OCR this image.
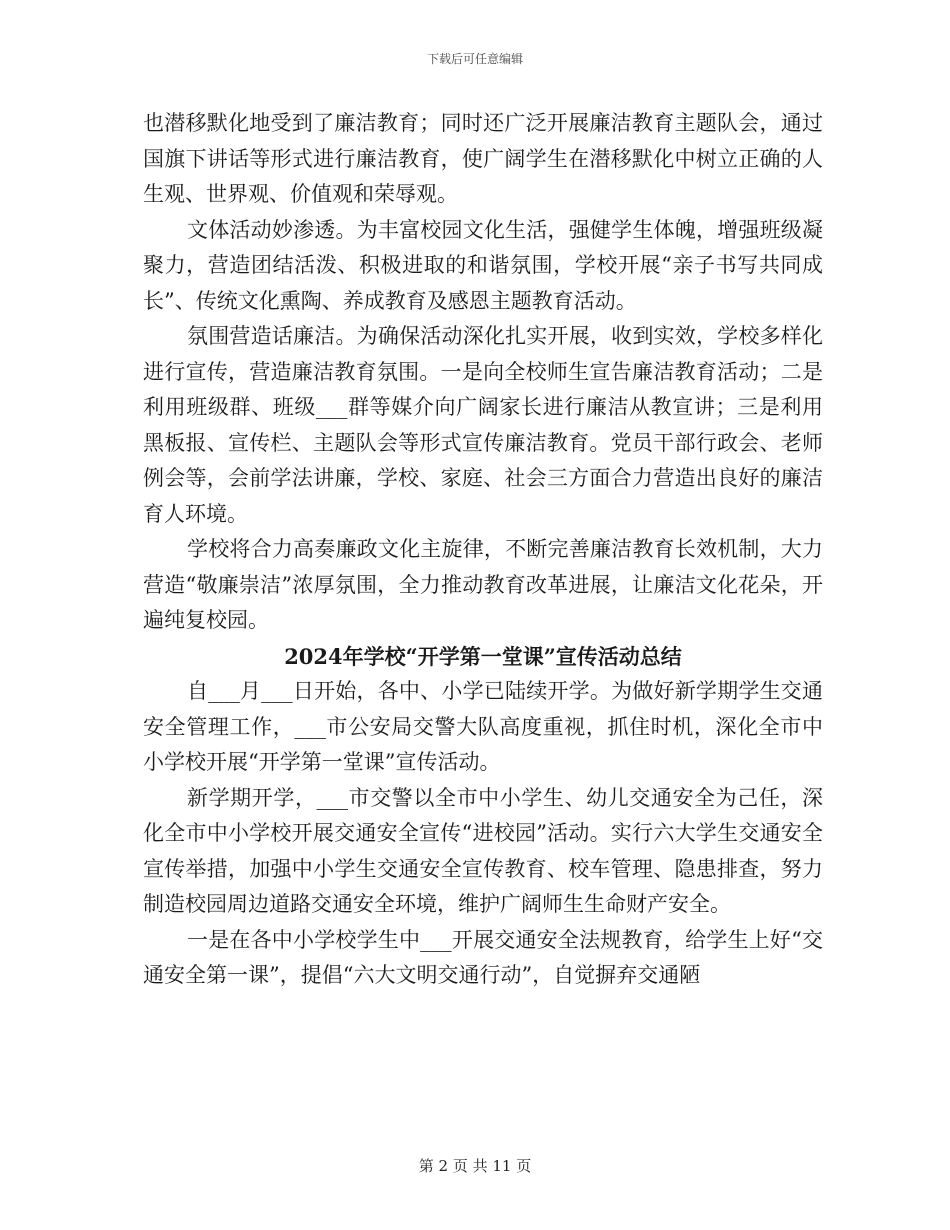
下载后可任意编辑

也潜移默化地受到了廉洁教育；同时还广泛开展廉洁教育主题队会，通过国旗下讲话等形式进行廉洁教育，使广阔学生在潜移默化中树立正确的人生观、世界观、价值观和荣辱观。

文体活动妙渗透。为丰富校园文化生活，强健学生体魄，增强班级凝聚力，营造团结活泼、积极进取的和谐氛围，学校开展“亲子书写共同成长”、传统文化熏陶、养成教育及感恩主题教育活动。

氛围营造话廉洁。为确保活动深化扎实开展，收到实效，学校多样化进行宣传，营造廉洁教育氛围。一是向全校师生宣告廉洁教育活动；二是利用班级群、班级___群等媒介向广阔家长进行廉洁从教宣讲；三是利用黑板报、宣传栏、主题队会等形式宣传廉洁教育。党员干部行政会、老师例会等，会前学法讲廉，学校、家庭、社会三方面合力营造出良好的廉洁育人环境。

学校将合力高奏廉政文化主旋律，不断完善廉洁教育长效机制，大力营造“敬廉崇洁”浓厚氛围，全力推动教育改革进展，让廉洁文化花朵，开遍纯复校园。

2024年学校“开学第一堂课”宣传活动总结

自___月___日开始，各中、小学已陆续开学。为做好新学期学生交通安全管理工作，___市公安局交警大队高度重视，抓住时机，深化全市中小学校开展“开学第一堂课”宣传活动。

新学期开学，___市交警以全市中小学生、幼儿交通安全为己任，深化全市中小学校开展交通安全宣传“进校园”活动。实行六大学生交通安全宣传举措，加强中小学生交通安全宣传教育、校车管理、隐患排查，努力制造校园周边道路交通安全环境，维护广阔师生生命财产安全。

一是在各中小学校学生中___开展交通安全法规教育，给学生上好“交通安全第一课”，提倡“六大文明交通行动”，自觉摒弃交通陋

第 2 页 共 11 页
